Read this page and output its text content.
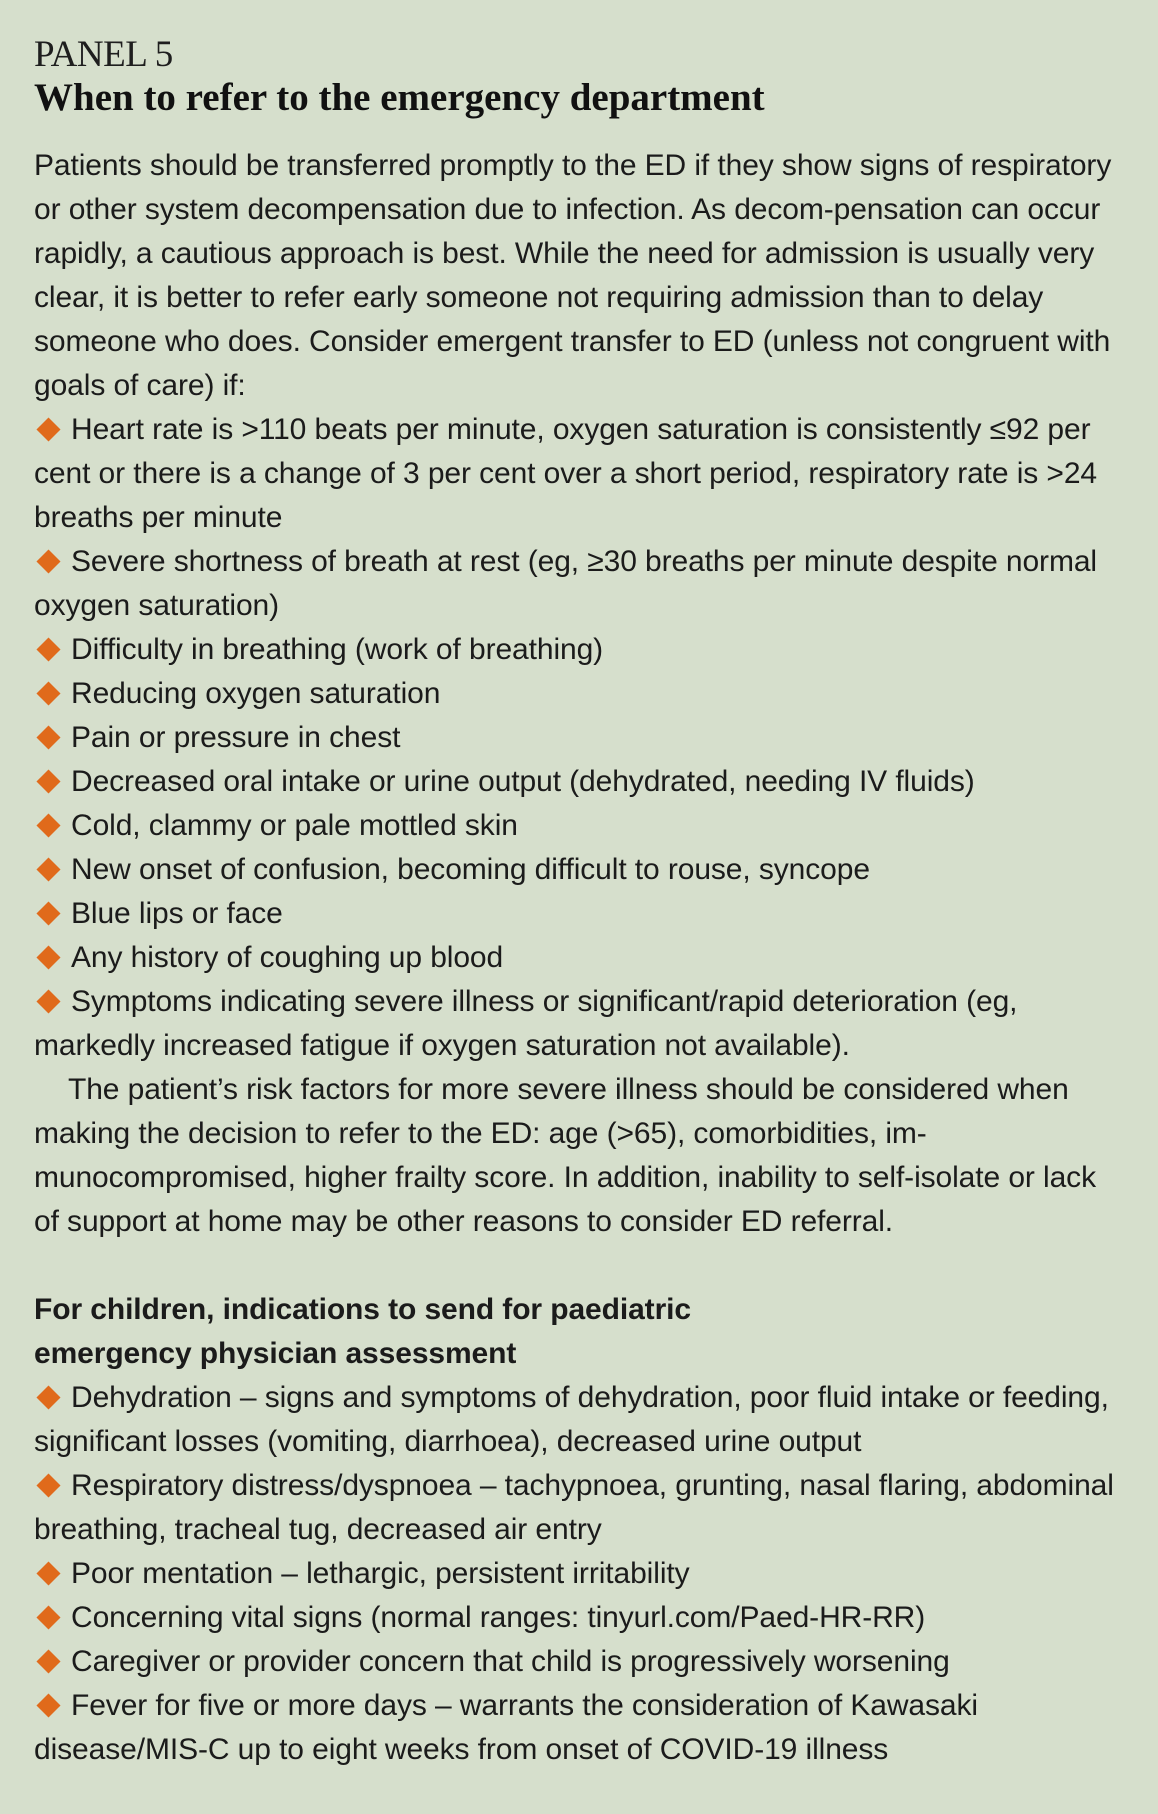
PANEL 5

When to refer to the emergency department

Patients should be transferred promptly to the ED if they show signs of respiratory or other system decompensation due to infection. As decom-pensation can occur rapidly, a cautious approach is best. While the need for admission is usually very clear, it is better to refer early someone not requiring admission than to delay someone who does. Consider emergent transfer to ED (unless not congruent with goals of care) if:

Heart rate is >110 beats per minute, oxygen saturation is consistently ≤92 per cent or there is a change of 3 per cent over a short period, respiratory rate is >24 breaths per minute
Severe shortness of breath at rest (eg, ≥30 breaths per minute despite normal oxygen saturation)
Difficulty in breathing (work of breathing)
Reducing oxygen saturation
Pain or pressure in chest
Decreased oral intake or urine output (dehydrated, needing IV fluids)
Cold, clammy or pale mottled skin
New onset of confusion, becoming difficult to rouse, syncope
Blue lips or face
Any history of coughing up blood
Symptoms indicating severe illness or significant/rapid deterioration (eg, markedly increased fatigue if oxygen saturation not available).

The patient’s risk factors for more severe illness should be considered when making the decision to refer to the ED: age (>65), comorbidities, im-munocompromised, higher frailty score. In addition, inability to self-isolate or lack of support at home may be other reasons to consider ED referral.

For children, indications to send for paediatric emergency physician assessment
Dehydration – signs and symptoms of dehydration, poor fluid intake or feeding, significant losses (vomiting, diarrhoea), decreased urine output
Respiratory distress/dyspnoea – tachypnoea, grunting, nasal flaring, abdominal breathing, tracheal tug, decreased air entry
Poor mentation – lethargic, persistent irritability
Concerning vital signs (normal ranges: tinyurl.com/Paed-HR-RR)
Caregiver or provider concern that child is progressively worsening
Fever for five or more days – warrants the consideration of Kawasaki disease/MIS-C up to eight weeks from onset of COVID-19 illness
